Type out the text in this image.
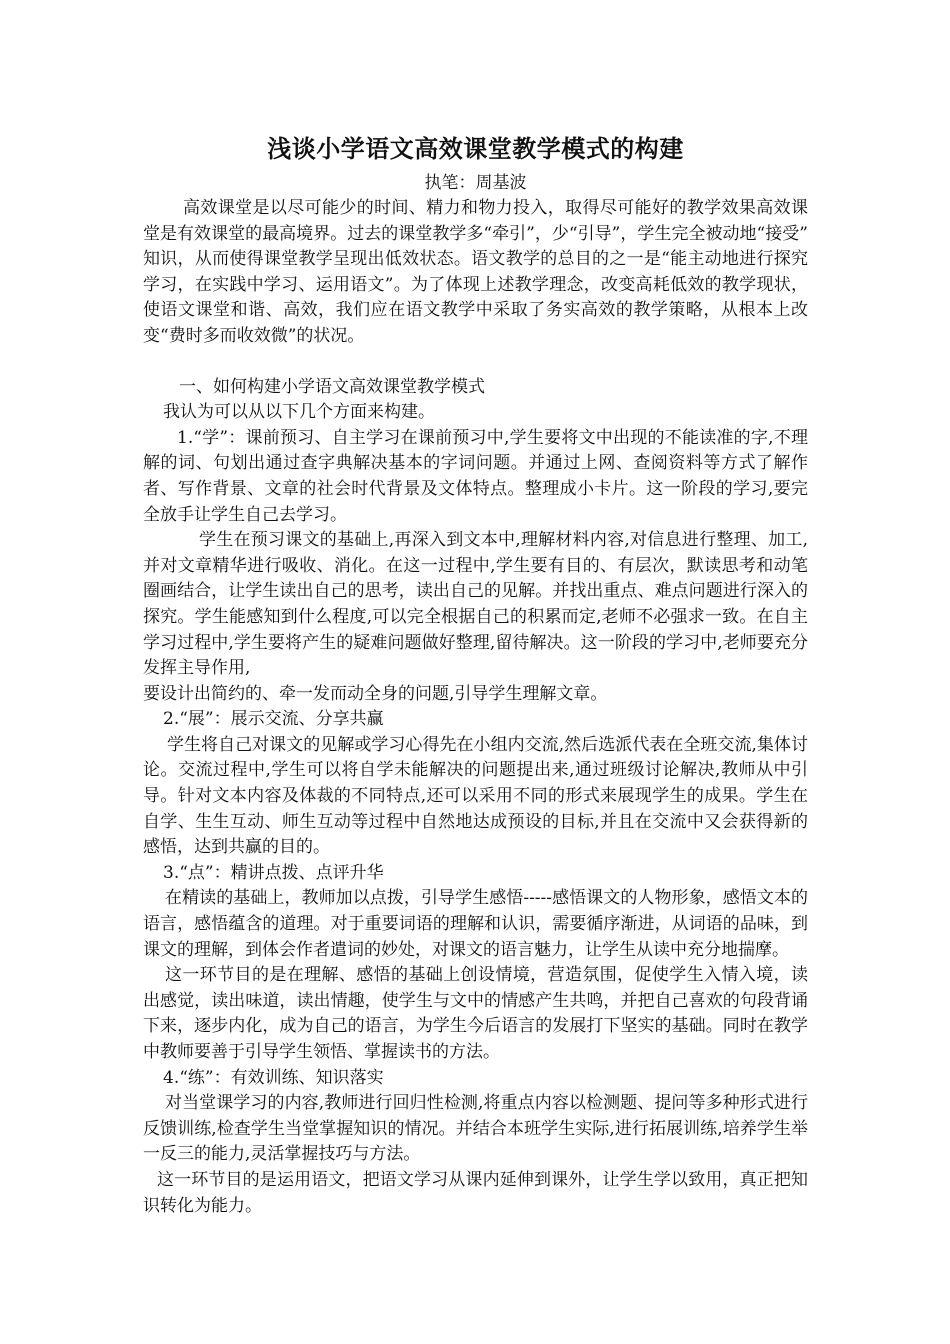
浅谈小学语文高效课堂教学模式的构建
执笔：周基波

高效课堂是以尽可能少的时间、精力和物力投入，取得尽可能好的教学效果高效课堂是有效课堂的最高境界。过去的课堂教学多“牵引”，少“引导”，学生完全被动地“接受” 知识，从而使得课堂教学呈现出低效状态。语文教学的总目的之一是“能主动地进行探究学习，在实践中学习、运用语文”。为了体现上述教学理念，改变高耗低效的教学现状，使语文课堂和谐、高效，我们应在语文教学中采取了务实高效的教学策略，从根本上改变“费时多而收效微”的状况。

一、如何构建小学语文高效课堂教学模式

我认为可以从以下几个方面来构建。

1.“学”：课前预习、自主学习在课前预习中,学生要将文中出现的不能读准的字,不理解的词、句划出通过查字典解决基本的字词问题。并通过上网、查阅资料等方式了解作者、写作背景、文章的社会时代背景及文体特点。整理成小卡片。这一阶段的学习,要完全放手让学生自己去学习。

学生在预习课文的基础上,再深入到文本中,理解材料内容,对信息进行整理、加工,并对文章精华进行吸收、消化。在这一过程中,学生要有目的、有层次，默读思考和动笔圈画结合，让学生读出自己的思考，读出自己的见解。并找出重点、难点问题进行深入的探究。学生能感知到什么程度,可以完全根据自己的积累而定,老师不必强求一致。在自主学习过程中,学生要将产生的疑难问题做好整理,留待解决。这一阶段的学习中,老师要充分发挥主导作用,

要设计出简约的、牵一发而动全身的问题,引导学生理解文章。

2.“展”：展示交流、分享共赢

学生将自己对课文的见解或学习心得先在小组内交流,然后选派代表在全班交流,集体讨论。交流过程中,学生可以将自学未能解决的问题提出来,通过班级讨论解决,教师从中引导。针对文本内容及体裁的不同特点,还可以采用不同的形式来展现学生的成果。学生在自学、生生互动、师生互动等过程中自然地达成预设的目标,并且在交流中又会获得新的感悟，达到共赢的目的。

3.“点”：精讲点拨、点评升华

在精读的基础上，教师加以点拨，引导学生感悟-----感悟课文的人物形象，感悟文本的语言，感悟蕴含的道理。对于重要词语的理解和认识，需要循序渐进，从词语的品味，到课文的理解，到体会作者遣词的妙处，对课文的语言魅力，让学生从读中充分地揣摩。

这一环节目的是在理解、感悟的基础上创设情境，营造氛围，促使学生入情入境，读出感觉，读出味道，读出情趣，使学生与文中的情感产生共鸣，并把自己喜欢的句段背诵下来，逐步内化，成为自己的语言，为学生今后语言的发展打下坚实的基础。同时在教学中教师要善于引导学生领悟、掌握读书的方法。

4.“练”：有效训练、知识落实

对当堂课学习的内容,教师进行回归性检测,将重点内容以检测题、提问等多种形式进行反馈训练,检查学生当堂掌握知识的情况。并结合本班学生实际,进行拓展训练,培养学生举一反三的能力,灵活掌握技巧与方法。

这一环节目的是运用语文，把语文学习从课内延伸到课外，让学生学以致用，真正把知识转化为能力。
